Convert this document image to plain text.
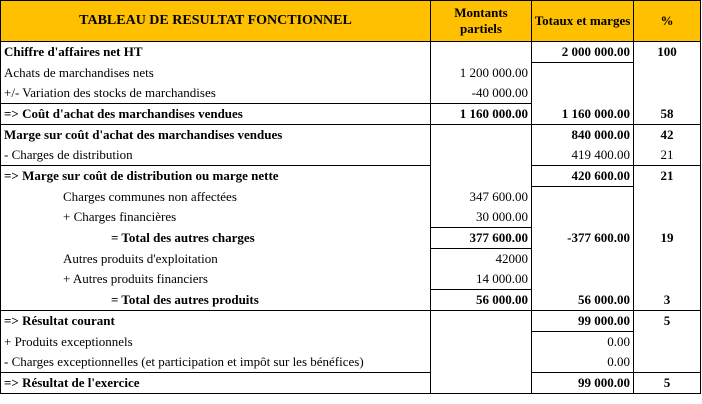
TABLEAU DE RESULTAT FONCTIONNEL	Montants partiels	Totaux et marges	%
Chiffre d'affaires net HT		2 000 000.00	100
Achats de marchandises nets	1 200 000.00		
+/- Variation des stocks de marchandises	-40 000.00		
=> Coût d'achat des marchandises vendues	1 160 000.00	1 160 000.00	58
Marge sur coût d'achat des marchandises vendues		840 000.00	42
- Charges de distribution		419 400.00	21
=> Marge sur coût de distribution ou marge nette		420 600.00	21
Charges communes non affectées	347 600.00		
+ Charges financières	30 000.00		
= Total des autres charges	377 600.00	-377 600.00	19
Autres produits d'exploitation	42000		
+ Autres produits financiers	14 000.00		
= Total des autres produits	56 000.00	56 000.00	3
=> Résultat courant		99 000.00	5
+ Produits exceptionnels		0.00	
- Charges exceptionnelles (et participation et impôt sur les bénéfices)		0.00	
=> Résultat de l'exercice		99 000.00	5
